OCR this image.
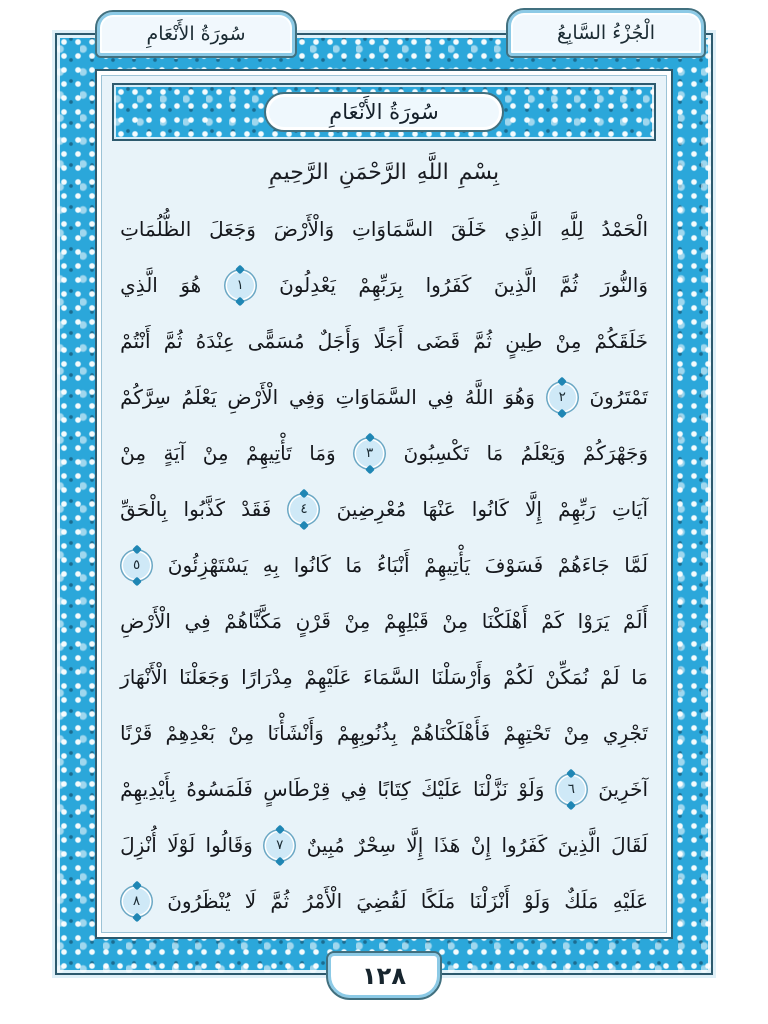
سُورَةُ الأَنْعَامِ	الْجُزْءُ السَّابِعُ
سُورَةُ الأَنْعَامِ
بِسْمِ
اللَّهِ
الرَّحْمَنِ
الرَّحِيمِ
الْحَمْدُ
لِلَّهِ
الَّذِي
خَلَقَ
السَّمَاوَاتِ
وَالْأَرْضَ
وَجَعَلَ
الظُّلُمَاتِ
وَالنُّورَ
ثُمَّ
الَّذِينَ
كَفَرُوا
بِرَبِّهِمْ
يَعْدِلُونَ
١
هُوَ
الَّذِي
خَلَقَكُمْ
مِنْ
طِينٍ
ثُمَّ
قَضَى
أَجَلًا
وَأَجَلٌ
مُسَمًّى
عِنْدَهُ
ثُمَّ
أَنْتُمْ
تَمْتَرُونَ
٢
وَهُوَ
اللَّهُ
فِي
السَّمَاوَاتِ
وَفِي
الْأَرْضِ
يَعْلَمُ
سِرَّكُمْ
وَجَهْرَكُمْ
وَيَعْلَمُ
مَا
تَكْسِبُونَ
٣
وَمَا
تَأْتِيهِمْ
مِنْ
آيَةٍ
مِنْ
آيَاتِ
رَبِّهِمْ
إِلَّا
كَانُوا
عَنْهَا
مُعْرِضِينَ
٤
فَقَدْ
كَذَّبُوا
بِالْحَقِّ
لَمَّا
جَاءَهُمْ
فَسَوْفَ
يَأْتِيهِمْ
أَنْبَاءُ
مَا
كَانُوا
بِهِ
يَسْتَهْزِئُونَ
٥
أَلَمْ
يَرَوْا
كَمْ
أَهْلَكْنَا
مِنْ
قَبْلِهِمْ
مِنْ
قَرْنٍ
مَكَّنَّاهُمْ
فِي
الْأَرْضِ
مَا
لَمْ
نُمَكِّنْ
لَكُمْ
وَأَرْسَلْنَا
السَّمَاءَ
عَلَيْهِمْ
مِدْرَارًا
وَجَعَلْنَا
الْأَنْهَارَ
تَجْرِي
مِنْ
تَحْتِهِمْ
فَأَهْلَكْنَاهُمْ
بِذُنُوبِهِمْ
وَأَنْشَأْنَا
مِنْ
بَعْدِهِمْ
قَرْنًا
آخَرِينَ
٦
وَلَوْ
نَزَّلْنَا
عَلَيْكَ
كِتَابًا
فِي
قِرْطَاسٍ
فَلَمَسُوهُ
بِأَيْدِيهِمْ
لَقَالَ
الَّذِينَ
كَفَرُوا
إِنْ
هَذَا
إِلَّا
سِحْرٌ
مُبِينٌ
٧
وَقَالُوا
لَوْلَا
أُنْزِلَ
عَلَيْهِ
مَلَكٌ
وَلَوْ
أَنْزَلْنَا
مَلَكًا
لَقُضِيَ
الْأَمْرُ
ثُمَّ
لَا
يُنْظَرُونَ
٨
١٢٨
